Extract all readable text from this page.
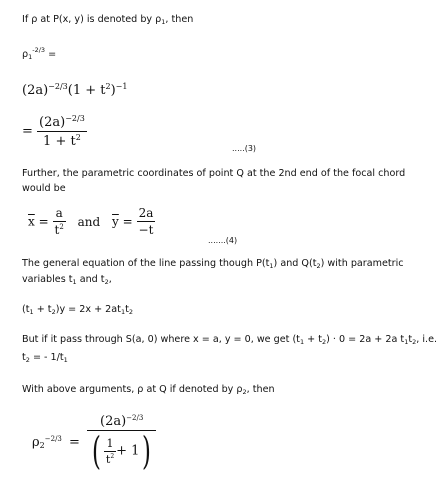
If ρ at P(x, y) is denoted by $\rho_1$, then
$\rho_1^{-2/3}$ =
$(2a)^{-2/3}(1 + t^2)^{-1}$
= $\frac{(2a)^{-2/3}}{1 + t^2}$	.....(3)
Further, the parametric coordinates of point Q at the 2nd end of the focal chord
would be
$\overline{x} = \frac{a}{t^2}$ and $\overline{y} = \frac{2a}{-t}$
.......(4)
The general equation of the line passing though $P(t_1)$ and $Q(t_2)$ with parametric
variables $t_1$ and $t_2$,
$(t_1 + t_2)y = 2x + 2at_1t_2$
But if it pass through S(a, 0) where x = a, y = 0, we get $(t_1 + t_2) \cdot 0 = 2a + 2a$ $t_1t_2$, i.e.
$t_2$ = - $1/t_1$
With above arguments, ρ at Q if denoted by $\rho_2$, then
$\rho_2^{-2/3} = \frac{(2a)^{-2/3}}{( \frac{1}{t^2} + 1)}$
